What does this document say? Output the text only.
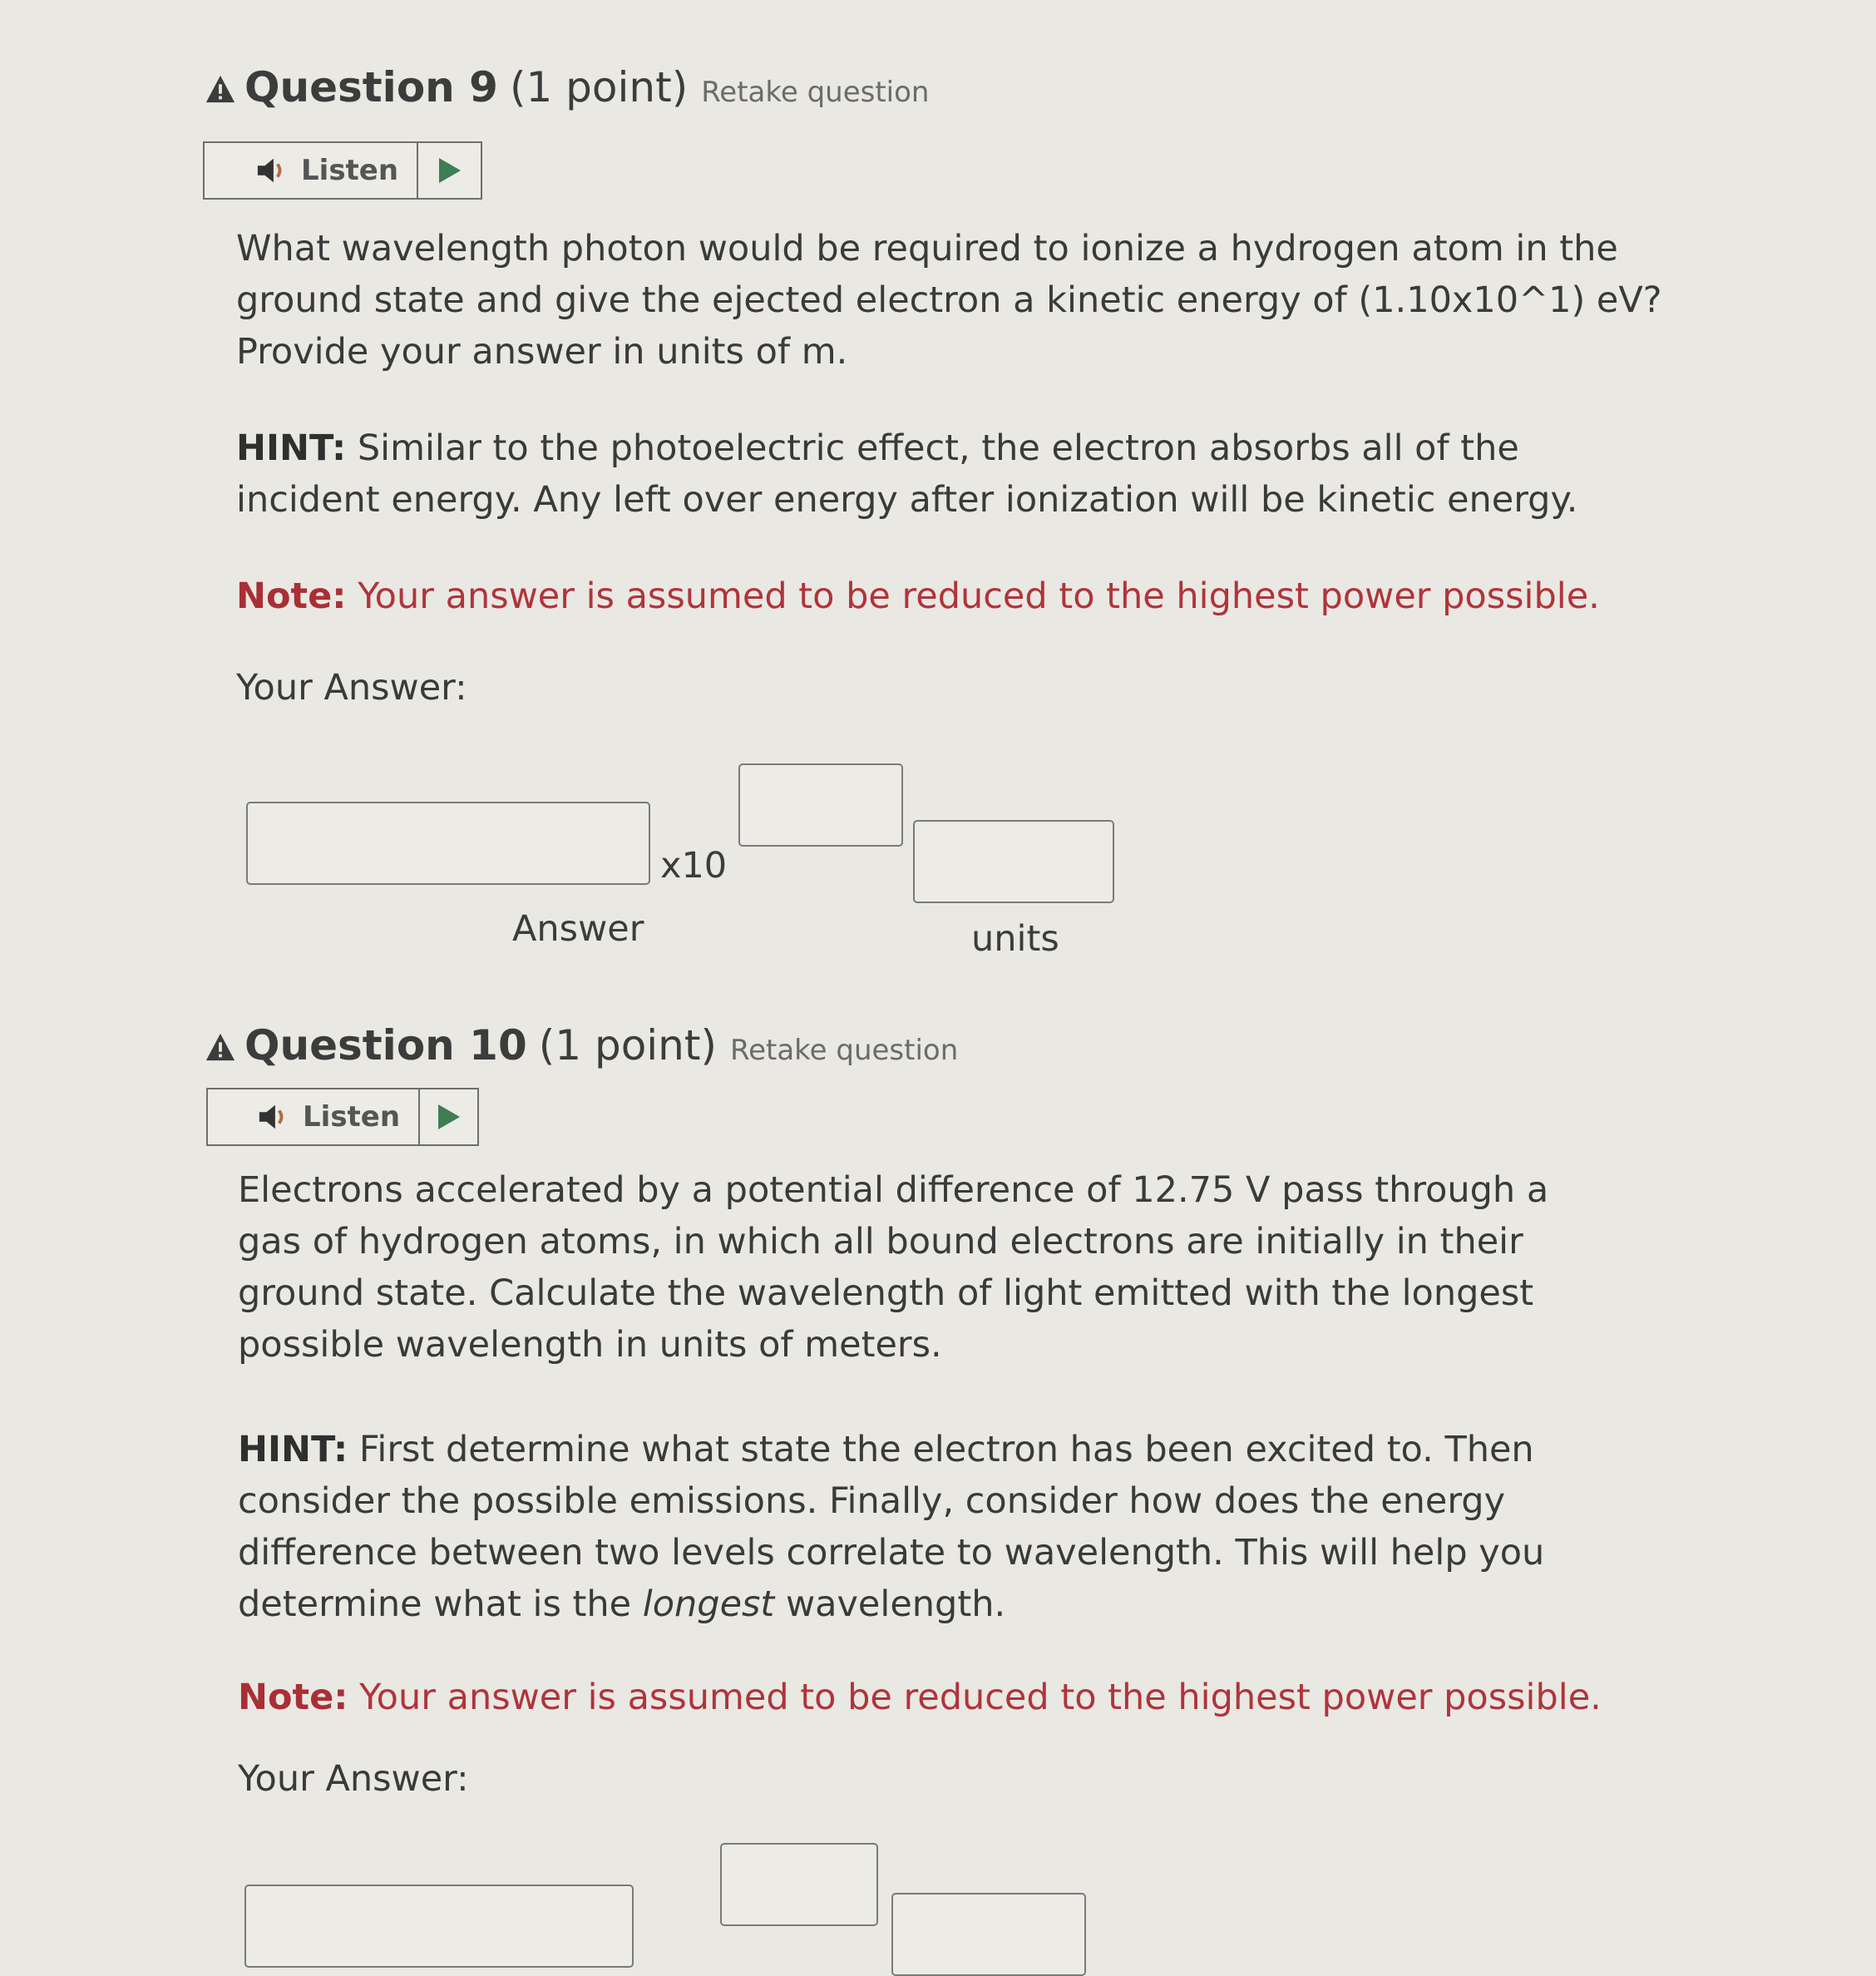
Question 9 (1 point) Retake question
Listen
What wavelength photon would be required to ionize a hydrogen atom in the ground state and give the ejected electron a kinetic energy of (1.10x10^1) eV? Provide your answer in units of m.
HINT: Similar to the photoelectric effect, the electron absorbs all of the incident energy. Any left over energy after ionization will be kinetic energy.
Note: Your answer is assumed to be reduced to the highest power possible.
Your Answer:
x10
Answer	units
Question 10 (1 point) Retake question
Listen
Electrons accelerated by a potential difference of 12.75 V pass through a gas of hydrogen atoms, in which all bound electrons are initially in their ground state. Calculate the wavelength of light emitted with the longest possible wavelength in units of meters.
HINT: First determine what state the electron has been excited to. Then consider the possible emissions. Finally, consider how does the energy difference between two levels correlate to wavelength. This will help you determine what is the longest wavelength.
Note: Your answer is assumed to be reduced to the highest power possible.
Your Answer:
